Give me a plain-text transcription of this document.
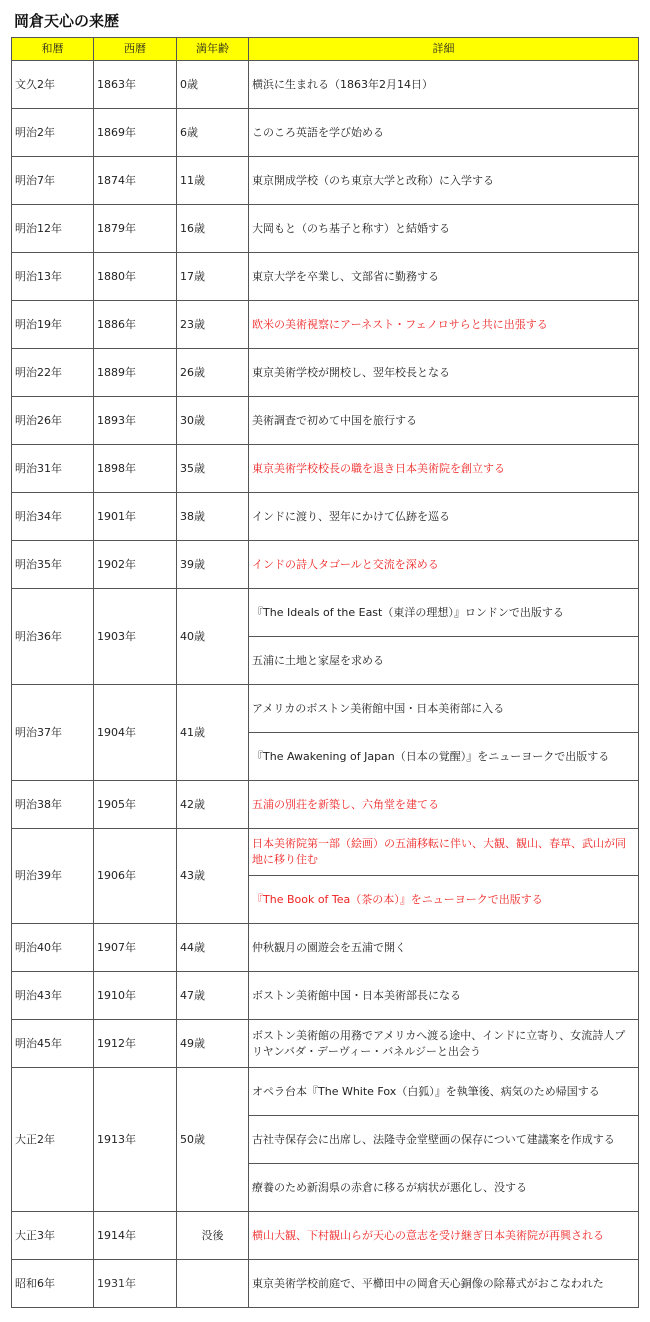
岡倉天心の来歴
和暦	西暦	満年齢	詳細
文久2年	1863年	0歳	横浜に生まれる（1863年2月14日）
明治2年	1869年	6歳	このころ英語を学び始める
明治7年	1874年	11歳	東京開成学校（のち東京大学と改称）に入学する
明治12年	1879年	16歳	大岡もと（のち基子と称す）と結婚する
明治13年	1880年	17歳	東京大学を卒業し、文部省に勤務する
明治19年	1886年	23歳	欧米の美術視察にアーネスト・フェノロサらと共に出張する
明治22年	1889年	26歳	東京美術学校が開校し、翌年校長となる
明治26年	1893年	30歳	美術調査で初めて中国を旅行する
明治31年	1898年	35歳	東京美術学校校長の職を退き日本美術院を創立する
明治34年	1901年	38歳	インドに渡り、翌年にかけて仏跡を巡る
明治35年	1902年	39歳	インドの詩人タゴールと交流を深める
明治36年	1903年	40歳	『The Ideals of the East（東洋の理想）』ロンドンで出版する
			五浦に土地と家屋を求める
明治37年	1904年	41歳	アメリカのボストン美術館中国・日本美術部に入る
			『The Awakening of Japan（日本の覚醒）』をニューヨークで出版する
明治38年	1905年	42歳	五浦の別荘を新築し、六角堂を建てる
明治39年	1906年	43歳	日本美術院第一部（絵画）の五浦移転に伴い、大観、観山、春草、武山が同地に移り住む
			『The Book of Tea（茶の本）』をニューヨークで出版する
明治40年	1907年	44歳	仲秋観月の園遊会を五浦で開く
明治43年	1910年	47歳	ボストン美術館中国・日本美術部長になる
明治45年	1912年	49歳	ボストン美術館の用務でアメリカへ渡る途中、インドに立寄り、女流詩人プリヤンバダ・デーヴィー・バネルジーと出会う
大正2年	1913年	50歳	オペラ台本『The White Fox（白狐）』を執筆後、病気のため帰国する
			古社寺保存会に出席し、法隆寺金堂壁画の保存について建議案を作成する
			療養のため新潟県の赤倉に移るが病状が悪化し、没する
大正3年	1914年	没後	横山大観、下村観山らが天心の意志を受け継ぎ日本美術院が再興される
昭和6年	1931年		東京美術学校前庭で、平櫛田中の岡倉天心銅像の除幕式がおこなわれた
